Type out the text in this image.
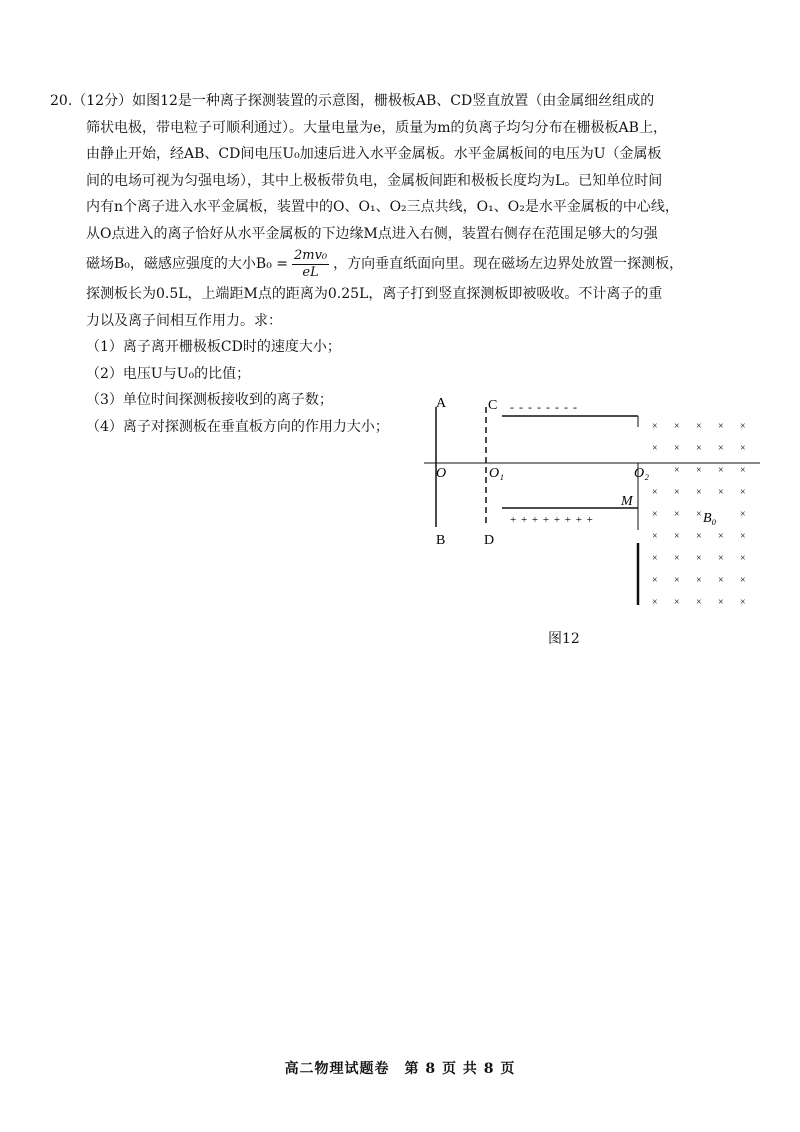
20.（12分）如图12是一种离子探测装置的示意图，栅极板AB、CD竖直放置（由金属细丝组成的

筛状电极，带电粒子可顺利通过）。大量电量为e，质量为m的负离子均匀分布在栅极板AB上，

由静止开始，经AB、CD间电压U₀加速后进入水平金属板。水平金属板间的电压为U（金属板

间的电场可视为匀强电场），其中上极板带负电，金属板间距和极板长度均为L。已知单位时间

内有n个离子进入水平金属板，装置中的O、O₁、O₂三点共线，O₁、O₂是水平金属板的中心线，

从O点进入的离子恰好从水平金属板的下边缘M点进入右侧，装置右侧存在范围足够大的匀强

磁场B₀，磁感应强度的大小$B_0 = \frac{\text{2mv₀}}{eL}$ ，方向垂直纸面向里。现在磁场左边界处放置一探测板，

探测板长为0.5L，上端距M点的距离为0.25L，离子打到竖直探测板即被吸收。不计离子的重

力以及离子间相互作用力。求：

（1）离子离开栅极板CD时的速度大小；

（2）电压U与U₀的比值；

（3）单位时间探测板接收到的离子数；

（4）离子对探测板在垂直板方向的作用力大小；

A
B
C
D
O	O₁	O₂
M
B₀
- - - - - - - -
+ + + + + + + +
× × × × ×
× × × × ×
× × × ×
× × × × ×
× × ×	×
× × × × ×
× × × × ×
× × × × ×
× × × × ×
图12
高二物理试题卷　第 8 页 共 8 页
